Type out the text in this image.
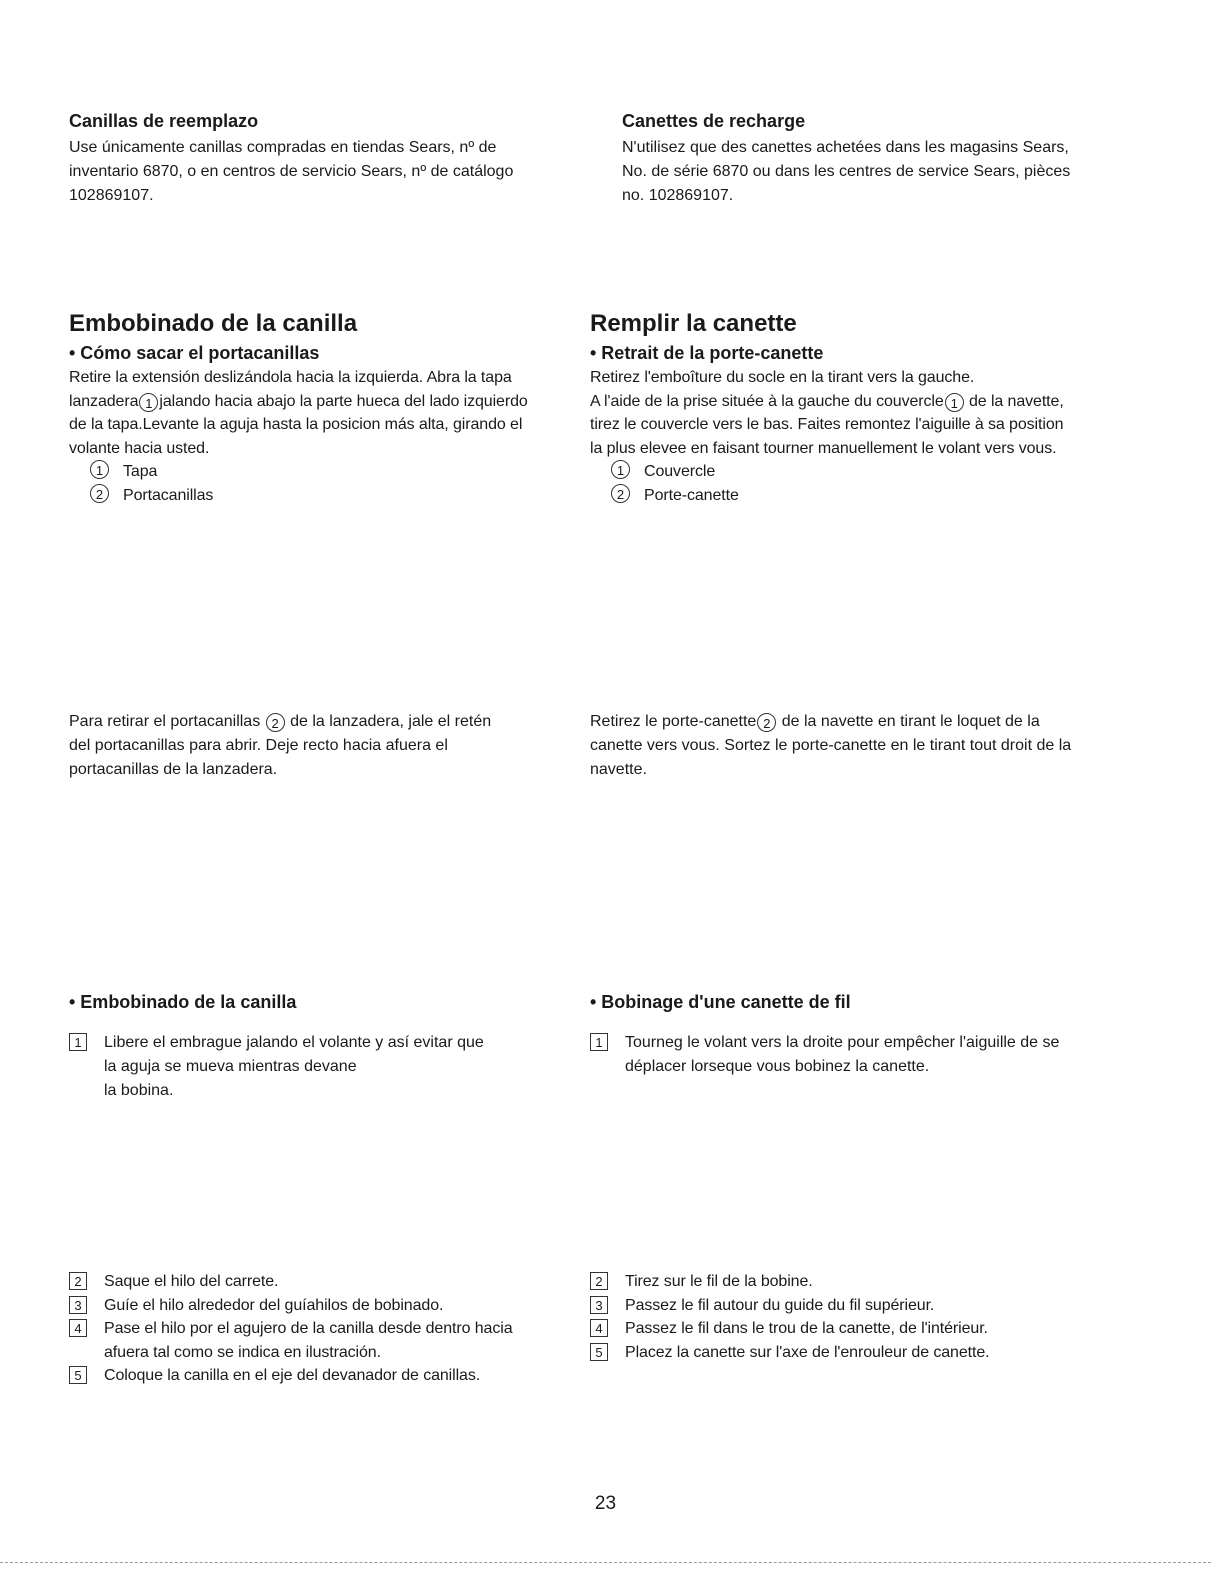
Canillas de reemplazo
Use únicamente canillas compradas en tiendas Sears, nº de
inventario 6870, o en centros de servicio Sears, nº de catálogo
102869107.
Canettes de recharge
N'utilisez que des canettes achetées dans les magasins Sears,
No. de série 6870 ou dans les centres de service Sears, pièces
no. 102869107.
Embobinado de la canilla
• Cómo sacar el portacanillas
Retire la extensión deslizándola hacia la izquierda. Abra la tapa
lanzadera 1 jalando hacia abajo la parte hueca del lado izquierdo
de la tapa.Levante la aguja hasta la posicion más alta, girando el
volante hacia usted.
1	Tapa
2	Portacanillas
Remplir la canette
• Retrait de la porte-canette
Retirez l'emboîture du socle en la tirant vers la gauche.
A l'aide de la prise située à la gauche du couvercle 1 de la navette,
tirez le couvercle vers le bas. Faites remontez l'aiguille à sa position
la plus elevee en faisant tourner manuellement le volant vers vous.
1	Couvercle
2	Porte-canette
Para retirar el portacanillas 2 de la lanzadera, jale el retén
del portacanillas para abrir. Deje recto hacia afuera el
portacanillas de la lanzadera.
Retirez le porte-canette 2 de la navette en tirant le loquet de la
canette vers vous. Sortez le porte-canette en le tirant tout droit de la
navette.
• Embobinado de la canilla
1	Libere el embrague jalando el volante y así evitar que
la aguja se mueva mientras devane
la bobina.
• Bobinage d'une canette de fil
1	Tourneg le volant vers la droite pour empêcher l'aiguille de se
déplacer lorseque vous bobinez la canette.
2	Saque el hilo del carrete.
3	Guíe el hilo alrededor del guíahilos de bobinado.
4	Pase el hilo por el agujero de la canilla desde dentro hacia
afuera tal como se indica en ilustración.
5	Coloque la canilla en el eje del devanador de canillas.
2	Tirez sur le fil de la bobine.
3	Passez le fil autour du guide du fil supérieur.
4	Passez le fil dans le trou de la canette, de l'intérieur.
5	Placez la canette sur l'axe de l'enrouleur de canette.
23
